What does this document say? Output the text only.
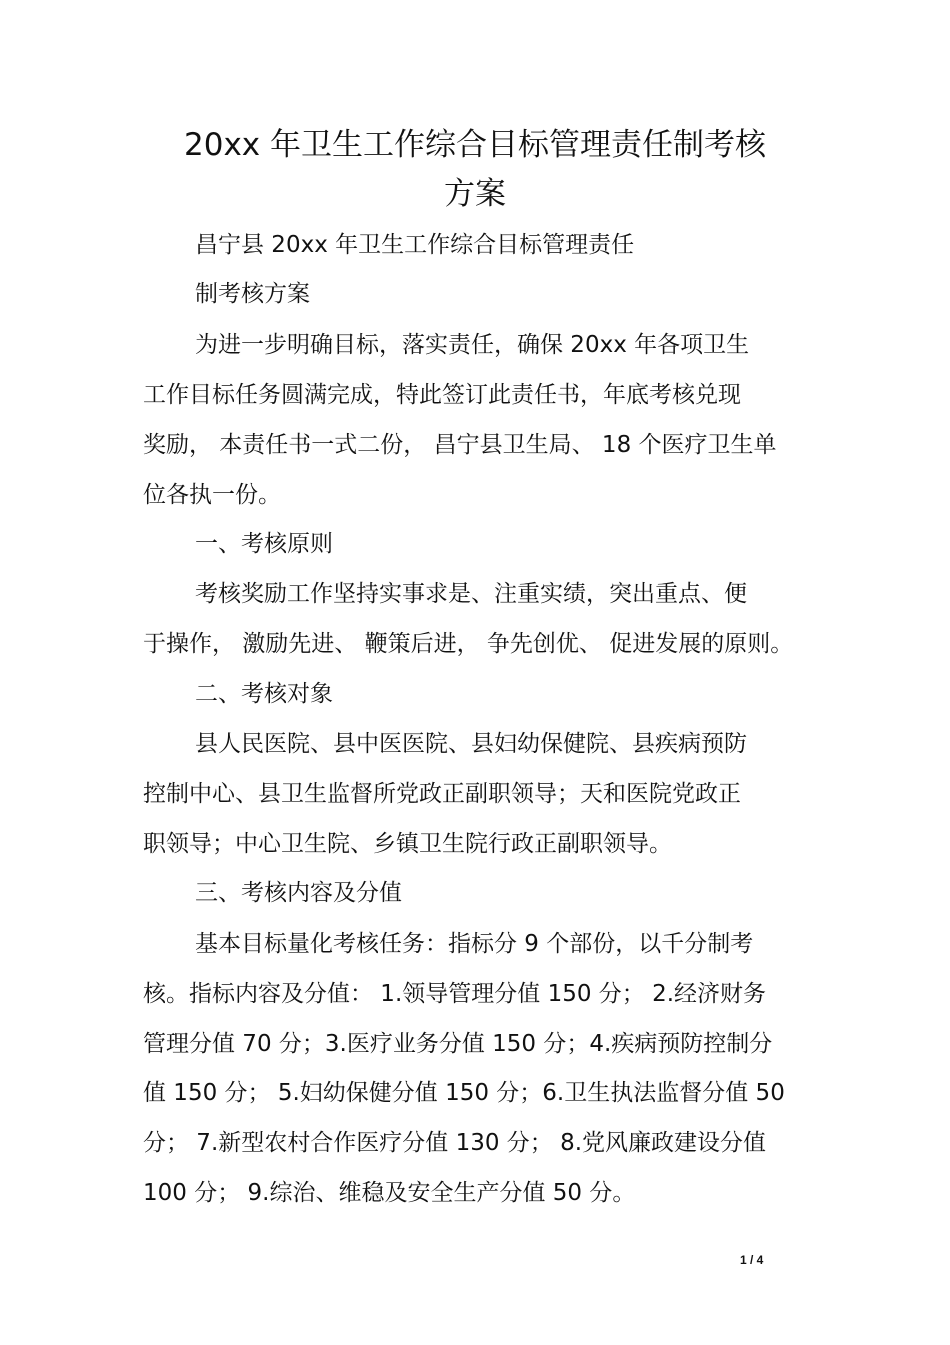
20xx 年卫生工作综合目标管理责任制考核
方案
昌宁县 20xx 年卫生工作综合目标管理责任
制考核方案
为进一步明确目标，落实责任，确保 20xx 年各项卫生
工作目标任务圆满完成，特此签订此责任书，年底考核兑现
奖励， 本责任书一式二份， 昌宁县卫生局、 18 个医疗卫生单
位各执一份。
一、考核原则
考核奖励工作坚持实事求是、注重实绩，突出重点、便
于操作， 激励先进、 鞭策后进， 争先创优、 促进发展的原则。
二、考核对象
县人民医院、县中医医院、县妇幼保健院、县疾病预防
控制中心、县卫生监督所党政正副职领导；天和医院党政正
职领导；中心卫生院、乡镇卫生院行政正副职领导。
三、考核内容及分值
基本目标量化考核任务：指标分 9 个部份，以千分制考
核。指标内容及分值： 1.领导管理分值 150 分； 2.经济财务
管理分值 70 分；3.医疗业务分值 150 分；4.疾病预防控制分
值 150 分； 5.妇幼保健分值 150 分；6.卫生执法监督分值 50
分； 7.新型农村合作医疗分值 130 分； 8.党风廉政建设分值
100 分； 9.综治、维稳及安全生产分值 50 分。
1 / 4
